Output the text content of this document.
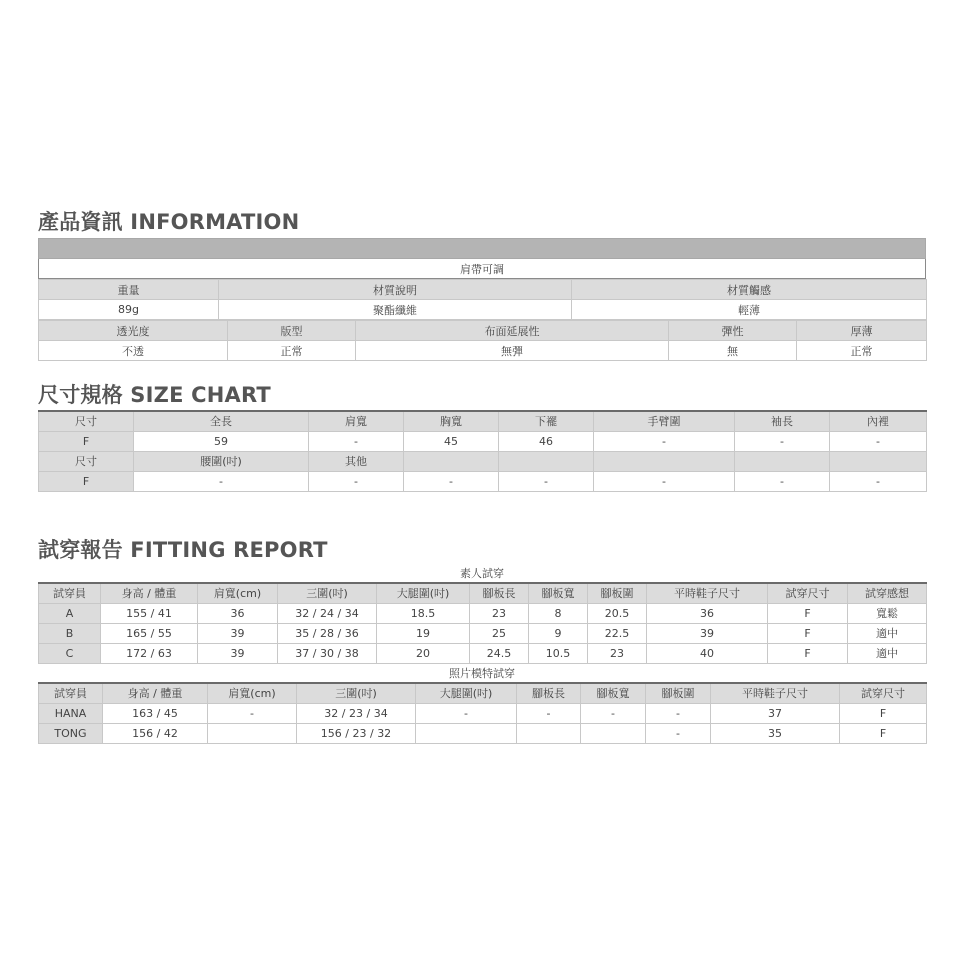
產品資訊 INFORMATION

肩帶可調
重量	材質說明	材質觸感
89g	聚酯纖維	輕薄
透光度	版型	布面延展性	彈性	厚薄
不透	正常	無彈	無	正常
尺寸規格 SIZE CHART
尺寸	全長	肩寬	胸寬	下襬	手臂圍	袖長	內裡
F	59	-	45	46	-	-	-
尺寸	腰圍(吋)	其他					
F	-	-	-	-	-	-	-
試穿報告 FITTING REPORT
素人試穿
試穿員	身高 / 體重	肩寬(cm)	三圍(吋)	大腿圍(吋)	腳板長	腳板寬	腳板圍	平時鞋子尺寸	試穿尺寸	試穿感想
A	155 / 41	36	32 / 24 / 34	18.5	23	8	20.5	36	F	寬鬆
B	165 / 55	39	35 / 28 / 36	19	25	9	22.5	39	F	適中
C	172 / 63	39	37 / 30 / 38	20	24.5	10.5	23	40	F	適中
照片模特試穿
試穿員	身高 / 體重	肩寬(cm)	三圍(吋)	大腿圍(吋)	腳板長	腳板寬	腳板圍	平時鞋子尺寸	試穿尺寸
HANA	163 / 45	-	32 / 23 / 34	-	-	-	-	37	F
TONG	156 / 42		156 / 23 / 32				-	35	F
